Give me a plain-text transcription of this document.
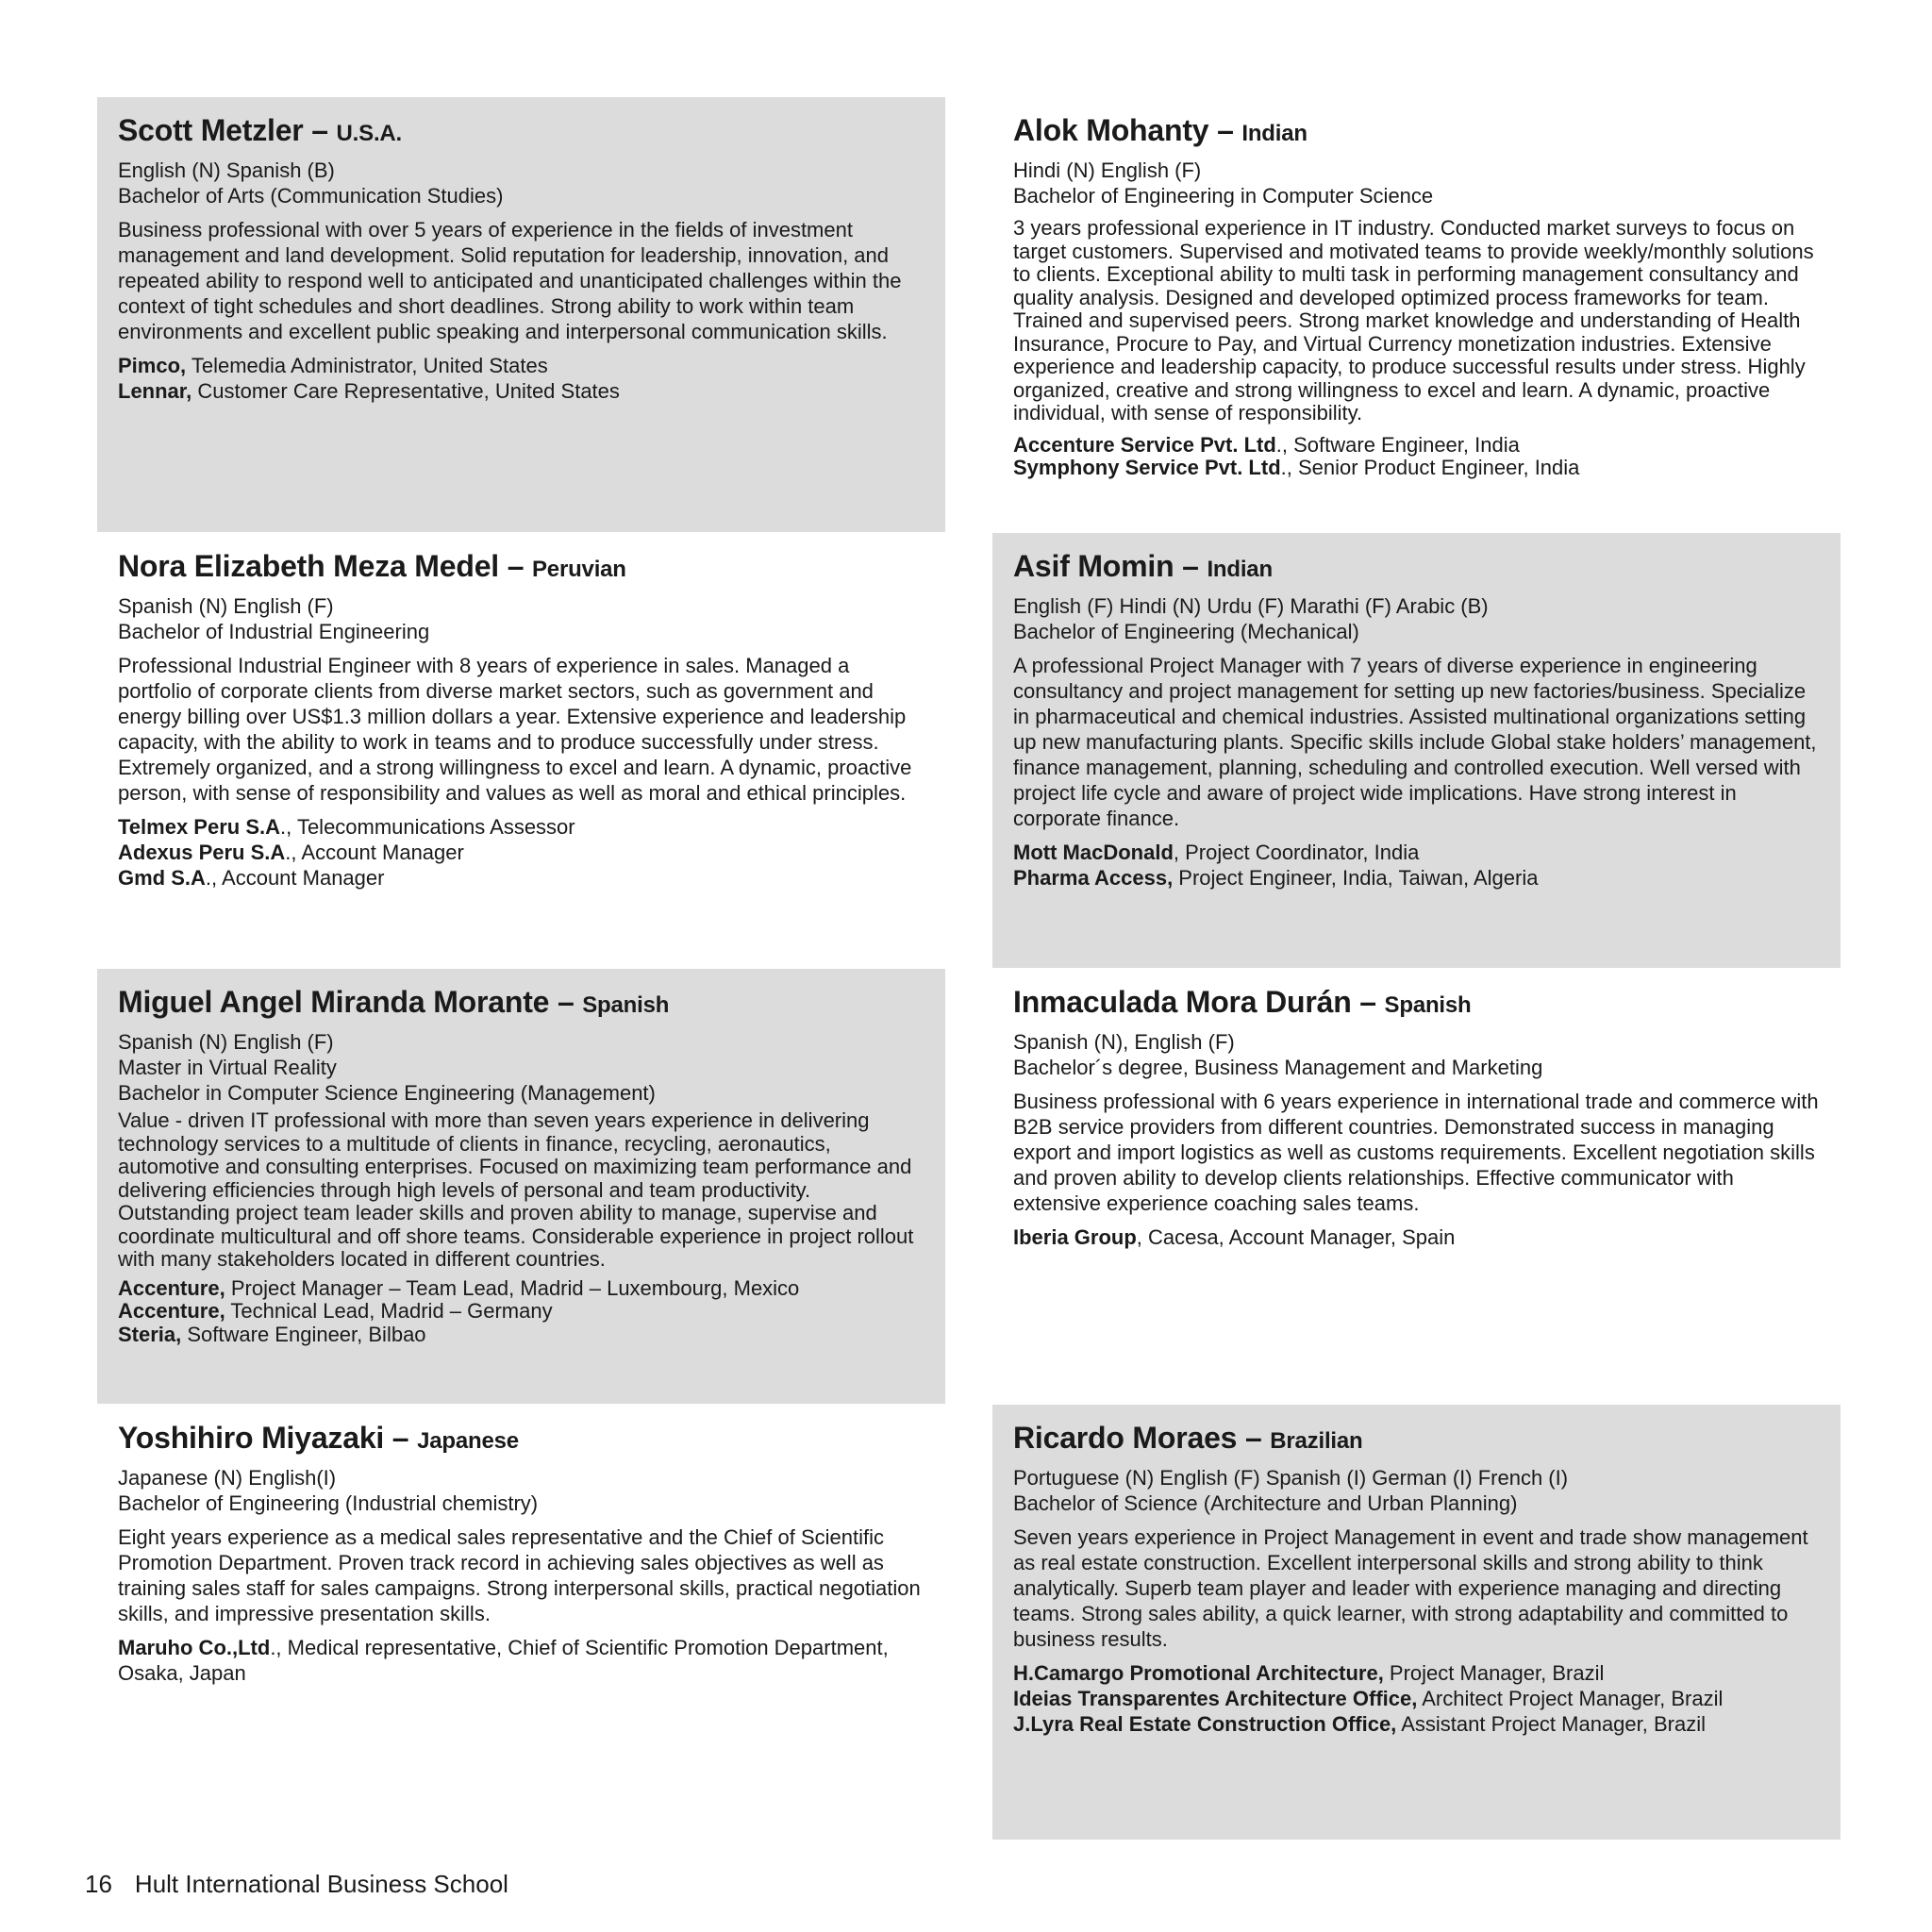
Scott Metzler – U.S.A.
English (N) Spanish (B)
Bachelor of Arts (Communication Studies)
Business professional with over 5 years of experience in the fields of investment management and land development. Solid reputation for leadership, innovation, and repeated ability to respond well to anticipated and unanticipated challenges within the context of tight schedules and short deadlines. Strong ability to work within team environments and excellent public speaking and interpersonal communication skills.
Pimco, Telemedia Administrator, United States
Lennar, Customer Care Representative, United States
Alok Mohanty – Indian
Hindi (N) English (F)
Bachelor of Engineering in Computer Science
3 years professional experience in IT industry. Conducted market surveys to focus on target customers. Supervised and motivated teams to provide weekly/monthly solutions to clients. Exceptional ability to multi task in performing management consultancy and quality analysis. Designed and developed optimized process frameworks for team. Trained and supervised peers. Strong market knowledge and understanding of Health Insurance, Procure to Pay, and Virtual Currency monetization industries. Extensive experience and leadership capacity, to produce successful results under stress. Highly organized, creative and strong willingness to excel and learn. A dynamic, proactive individual, with sense of responsibility.
Accenture Service Pvt. Ltd., Software Engineer, India
Symphony Service Pvt. Ltd., Senior Product Engineer, India
Nora Elizabeth Meza Medel – Peruvian
Spanish (N) English (F)
Bachelor of Industrial Engineering
Professional Industrial Engineer with 8 years of experience in sales. Managed a portfolio of corporate clients from diverse market sectors, such as government and energy billing over US$1.3 million dollars a year. Extensive experience and leadership capacity, with the ability to work in teams and to produce successfully under stress. Extremely organized, and a strong willingness to excel and learn. A dynamic, proactive person, with sense of responsibility and values as well as moral and ethical principles.
Telmex Peru S.A., Telecommunications Assessor
Adexus Peru S.A., Account Manager
Gmd S.A., Account Manager
Asif Momin – Indian
English (F) Hindi (N) Urdu (F) Marathi (F) Arabic (B)
Bachelor of Engineering (Mechanical)
A professional Project Manager with 7 years of diverse experience in engineering consultancy and project management for setting up new factories/business. Specialize in pharmaceutical and chemical industries. Assisted multinational organizations setting up new manufacturing plants. Specific skills include Global stake holders’ management, finance management, planning, scheduling and controlled execution. Well versed with project life cycle and aware of project wide implications. Have strong interest in corporate finance.
Mott MacDonald, Project Coordinator, India
Pharma Access, Project Engineer, India, Taiwan, Algeria
Miguel Angel Miranda Morante – Spanish
Spanish (N) English (F)
Master in Virtual Reality
Bachelor in Computer Science Engineering (Management)
Value - driven IT professional with more than seven years experience in delivering technology services to a multitude of clients in finance, recycling, aeronautics, automotive and consulting enterprises. Focused on maximizing team performance and delivering efficiencies through high levels of personal and team productivity. Outstanding project team leader skills and proven ability to manage, supervise and coordinate multicultural and off shore teams. Considerable experience in project rollout with many stakeholders located in different countries.
Accenture, Project Manager – Team Lead, Madrid – Luxembourg, Mexico
Accenture, Technical Lead, Madrid – Germany
Steria, Software Engineer, Bilbao
Inmaculada Mora Durán – Spanish
Spanish (N), English (F)
Bachelor´s degree, Business Management and Marketing
Business professional with 6 years experience in international trade and commerce with B2B service providers from different countries. Demonstrated success in managing export and import logistics as well as customs requirements. Excellent negotiation skills and proven ability to develop clients relationships. Effective communicator with extensive experience coaching sales teams.
Iberia Group, Cacesa, Account Manager, Spain
Yoshihiro Miyazaki – Japanese
Japanese (N) English(I)
Bachelor of Engineering (Industrial chemistry)
Eight years experience as a medical sales representative and the Chief of Scientific Promotion Department. Proven track record in achieving sales objectives as well as training sales staff for sales campaigns. Strong interpersonal skills, practical negotiation skills, and impressive presentation skills.
Maruho Co.,Ltd., Medical representative, Chief of Scientific Promotion Department, Osaka, Japan
Ricardo Moraes – Brazilian
Portuguese (N) English (F) Spanish (I) German (I) French (I)
Bachelor of Science (Architecture and Urban Planning)
Seven years experience in Project Management in event and trade show management as real estate construction. Excellent interpersonal skills and strong ability to think analytically. Superb team player and leader with experience managing and directing teams. Strong sales ability, a quick learner, with strong adaptability and committed to business results.
H.Camargo Promotional Architecture, Project Manager, Brazil
Ideias Transparentes Architecture Office, Architect Project Manager, Brazil
J.Lyra Real Estate Construction Office, Assistant Project Manager, Brazil
16 Hult International Business School
